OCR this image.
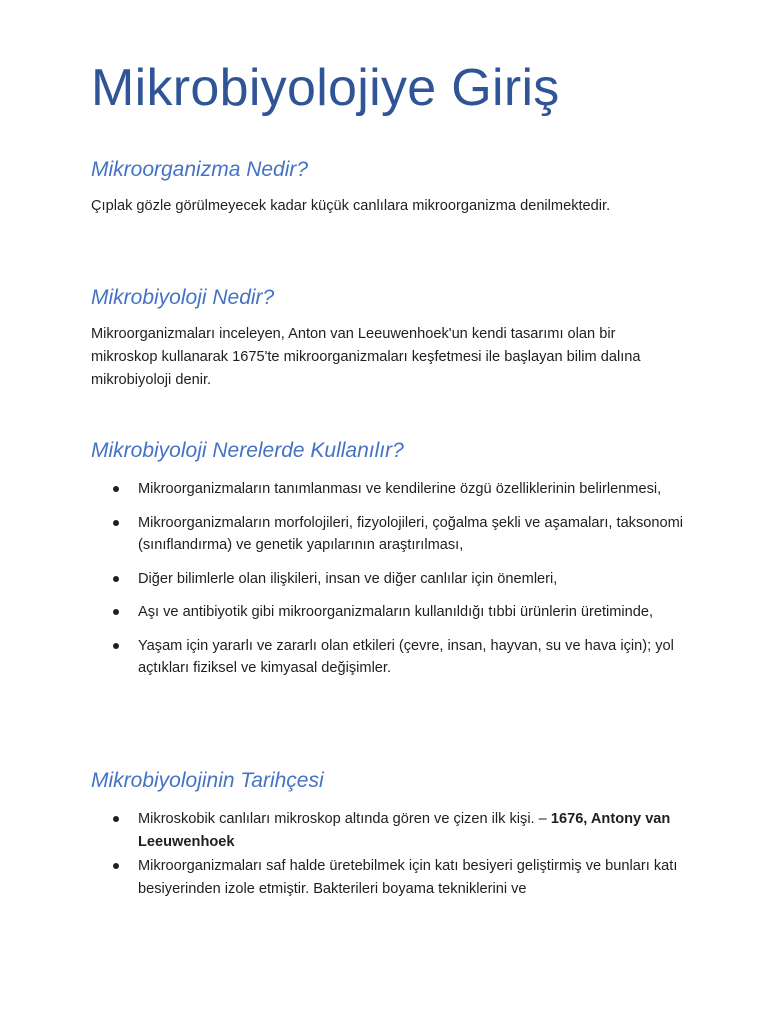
Mikrobiyolojiye Giriş
Mikroorganizma Nedir?

Çıplak gözle görülmeyecek kadar küçük canlılara mikroorganizma denilmektedir.

Mikrobiyoloji Nedir?

Mikroorganizmaları inceleyen, Anton van Leeuwenhoek'un kendi tasarımı olan bir mikroskop kullanarak 1675'te mikroorganizmaları keşfetmesi ile başlayan bilim dalına mikrobiyoloji denir.

Mikrobiyoloji Nerelerde Kullanılır?
Mikroorganizmaların tanımlanması ve kendilerine özgü özelliklerinin belirlenmesi,
Mikroorganizmaların morfolojileri, fizyolojileri, çoğalma şekli ve aşamaları, taksonomi (sınıflandırma) ve genetik yapılarının araştırılması,
Diğer bilimlerle olan ilişkileri, insan ve diğer canlılar için önemleri,
Aşı ve antibiyotik gibi mikroorganizmaların kullanıldığı tıbbi ürünlerin üretiminde,
Yaşam için yararlı ve zararlı olan etkileri (çevre, insan, hayvan, su ve hava için); yol açtıkları fiziksel ve kimyasal değişimler.
Mikrobiyolojinin Tarihçesi
Mikroskobik canlıları mikroskop altında gören ve çizen ilk kişi. – 1676, Antony van Leeuwenhoek
Mikroorganizmaları saf halde üretebilmek için katı besiyeri geliştirmiş ve bunları katı besiyerinden izole etmiştir. Bakterileri boyama tekniklerini ve
